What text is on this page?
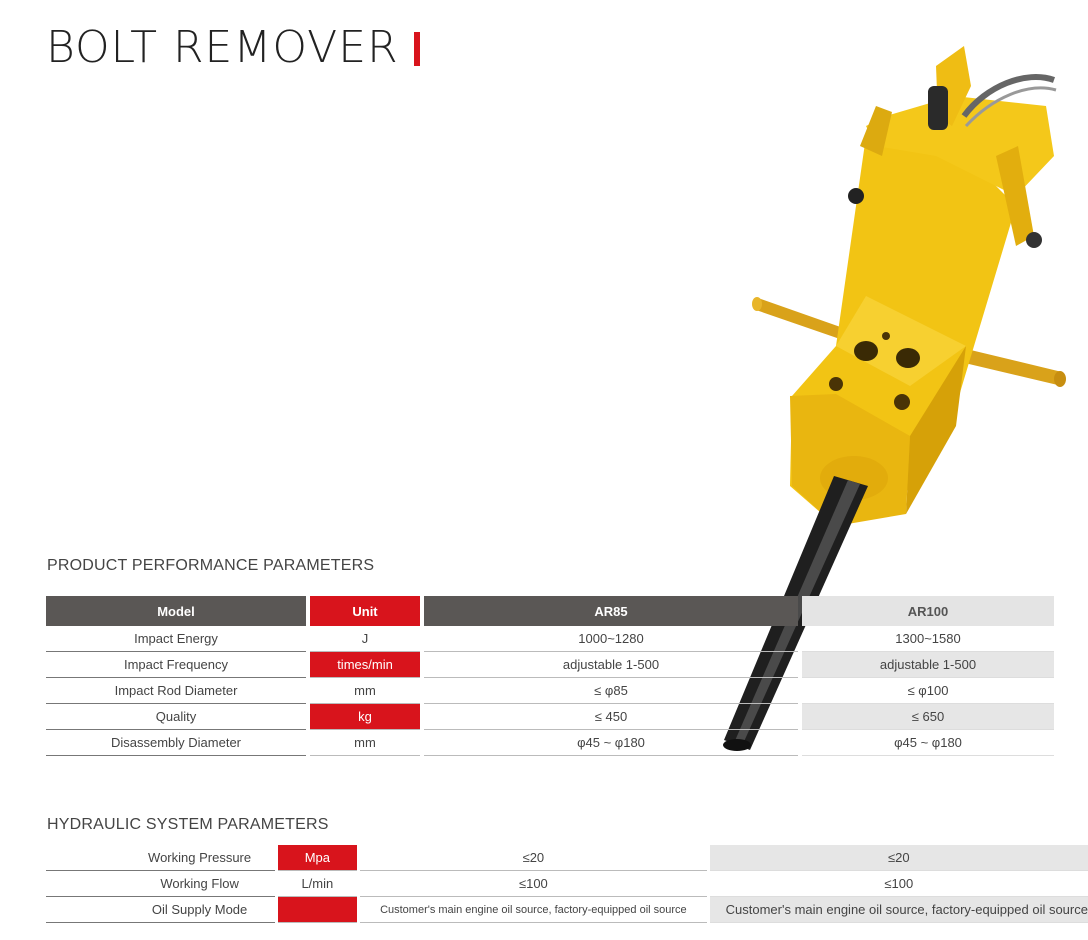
BOLT REMOVER
PRODUCT PERFORMANCE PARAMETERS
Model		Unit		AR85		AR100
Impact Energy		J		1000~1280		1300~1580
Impact Frequency		times/min		adjustable 1-500		adjustable 1-500
Impact Rod Diameter		mm		≤ φ85		≤ φ100
Quality		kg		≤ 450		≤ 650
Disassembly Diameter		mm		φ45 ~ φ180		φ45 ~ φ180
HYDRAULIC SYSTEM PARAMETERS
Working Pressure		Mpa		≤20		≤20
Working Flow		L/min		≤100		≤100
Oil Supply Mode				Customer's main engine oil source, factory-equipped oil source		Customer's main engine oil source, factory-equipped oil source
